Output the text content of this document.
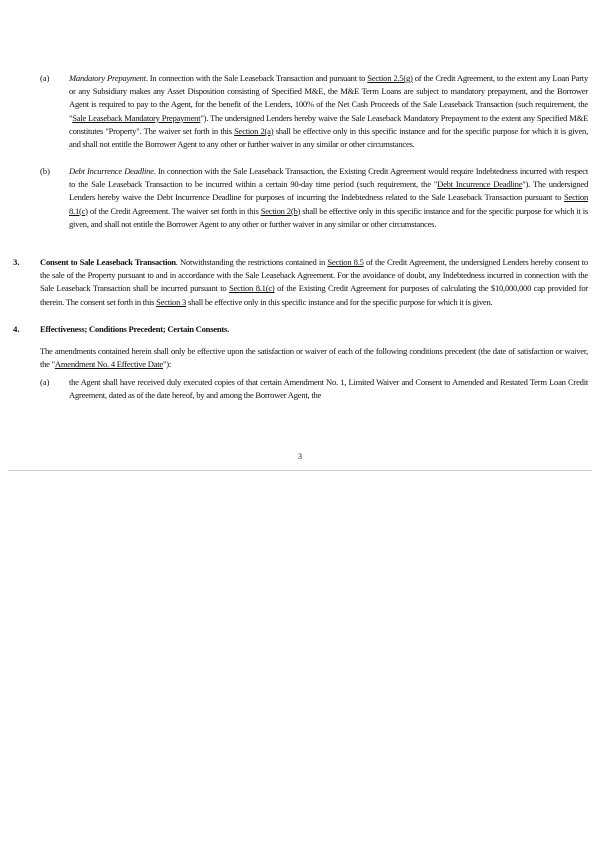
(a) Mandatory Prepayment. In connection with the Sale Leaseback Transaction and pursuant to Section 2.5(g) of the Credit Agreement, to the extent any Loan Party or any Subsidiary makes any Asset Disposition consisting of Specified M&E, the M&E Term Loans are subject to mandatory prepayment, and the Borrower Agent is required to pay to the Agent, for the benefit of the Lenders, 100% of the Net Cash Proceeds of the Sale Leaseback Transaction (such requirement, the "Sale Leaseback Mandatory Prepayment"). The undersigned Lenders hereby waive the Sale Leaseback Mandatory Prepayment to the extent any Specified M&E constitutes "Property". The waiver set forth in this Section 2(a) shall be effective only in this specific instance and for the specific purpose for which it is given, and shall not entitle the Borrower Agent to any other or further waiver in any similar or other circumstances.
(b) Debt Incurrence Deadline. In connection with the Sale Leaseback Transaction, the Existing Credit Agreement would require Indebtedness incurred with respect to the Sale Leaseback Transaction to be incurred within a certain 90-day time period (such requirement, the "Debt Incurrence Deadline"). The undersigned Lenders hereby waive the Debt Incurrence Deadline for purposes of incurring the Indebtedness related to the Sale Leaseback Transaction pursuant to Section 8.1(c) of the Credit Agreement. The waiver set forth in this Section 2(b) shall be effective only in this specific instance and for the specific purpose for which it is given, and shall not entitle the Borrower Agent to any other or further waiver in any similar or other circumstances.
3. Consent to Sale Leaseback Transaction. Notwithstanding the restrictions contained in Section 8.5 of the Credit Agreement, the undersigned Lenders hereby consent to the sale of the Property pursuant to and in accordance with the Sale Leaseback Agreement. For the avoidance of doubt, any Indebtedness incurred in connection with the Sale Leaseback Transaction shall be incurred pursuant to Section 8.1(c) of the Existing Credit Agreement for purposes of calculating the $10,000,000 cap provided for therein. The consent set forth in this Section 3 shall be effective only in this specific instance and for the specific purpose for which it is given.
4. Effectiveness; Conditions Precedent; Certain Consents.
The amendments contained herein shall only be effective upon the satisfaction or waiver of each of the following conditions precedent (the date of satisfaction or waiver, the "Amendment No. 4 Effective Date"):
(a) the Agent shall have received duly executed copies of that certain Amendment No. 1, Limited Waiver and Consent to Amended and Restated Term Loan Credit Agreement, dated as of the date hereof, by and among the Borrower Agent, the
3
